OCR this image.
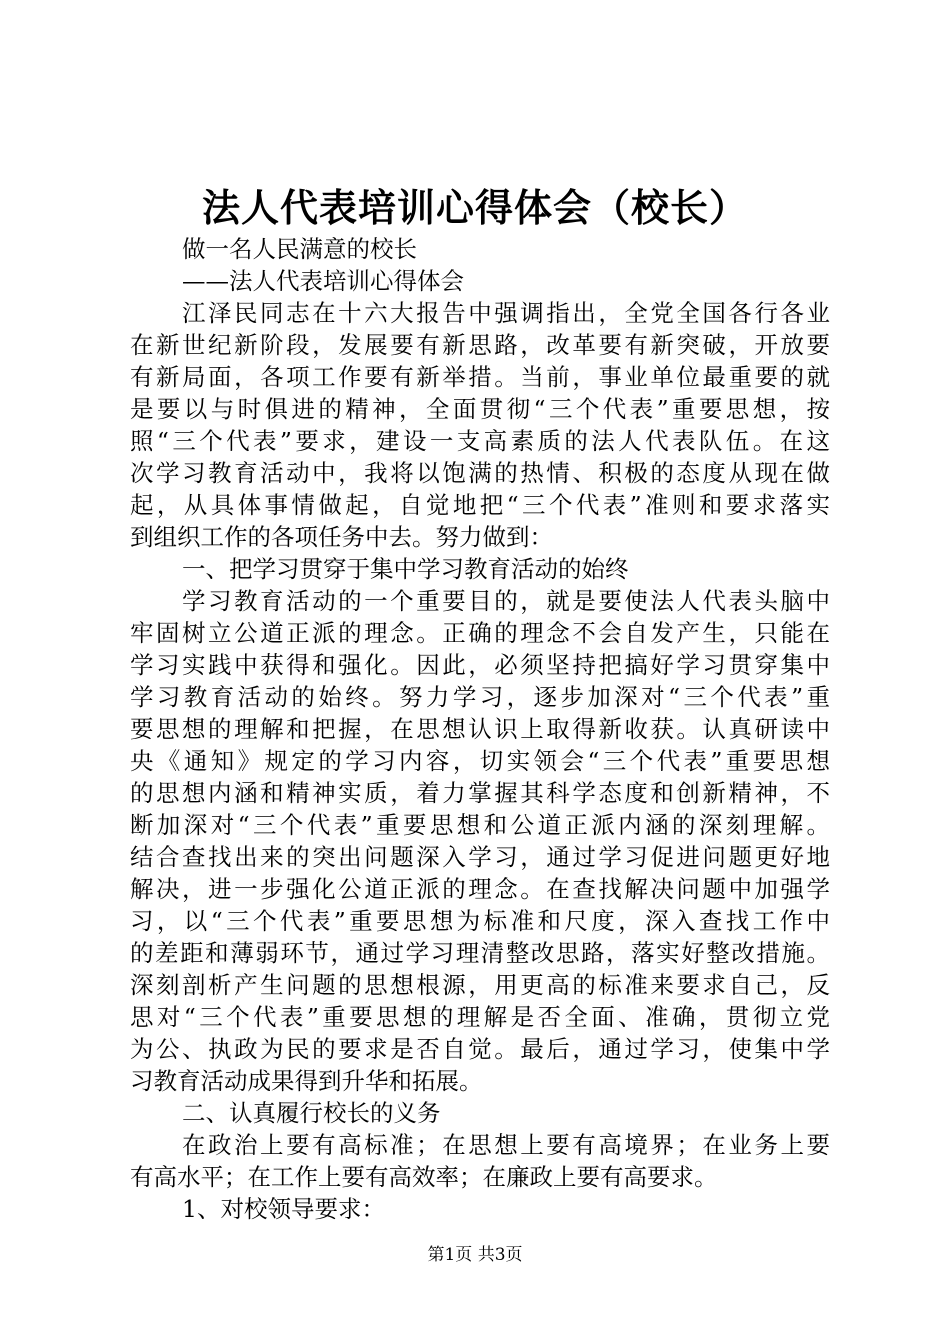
法人代表培训心得体会（校长）
做一名人民满意的校长
——法人代表培训心得体会
江泽民同志在十六大报告中强调指出，全党全国各行各业
在新世纪新阶段，发展要有新思路，改革要有新突破，开放要
有新局面，各项工作要有新举措。当前，事业单位最重要的就
是要以与时俱进的精神，全面贯彻“三个代表”重要思想，按
照“三个代表”要求，建设一支高素质的法人代表队伍。在这
次学习教育活动中，我将以饱满的热情、积极的态度从现在做
起，从具体事情做起，自觉地把“三个代表”准则和要求落实
到组织工作的各项任务中去。努力做到：
一、把学习贯穿于集中学习教育活动的始终
学习教育活动的一个重要目的，就是要使法人代表头脑中
牢固树立公道正派的理念。正确的理念不会自发产生，只能在
学习实践中获得和强化。因此，必须坚持把搞好学习贯穿集中
学习教育活动的始终。努力学习，逐步加深对“三个代表”重
要思想的理解和把握，在思想认识上取得新收获。认真研读中
央《通知》规定的学习内容，切实领会“三个代表”重要思想
的思想内涵和精神实质，着力掌握其科学态度和创新精神，不
断加深对“三个代表”重要思想和公道正派内涵的深刻理解。
结合查找出来的突出问题深入学习，通过学习促进问题更好地
解决，进一步强化公道正派的理念。在查找解决问题中加强学
习，以“三个代表”重要思想为标准和尺度，深入查找工作中
的差距和薄弱环节，通过学习理清整改思路，落实好整改措施。
深刻剖析产生问题的思想根源，用更高的标准来要求自己，反
思对“三个代表”重要思想的理解是否全面、准确，贯彻立党
为公、执政为民的要求是否自觉。最后，通过学习，使集中学
习教育活动成果得到升华和拓展。
二、认真履行校长的义务
在政治上要有高标准；在思想上要有高境界；在业务上要
有高水平；在工作上要有高效率；在廉政上要有高要求。
1、对校领导要求：
第1页 共3页
